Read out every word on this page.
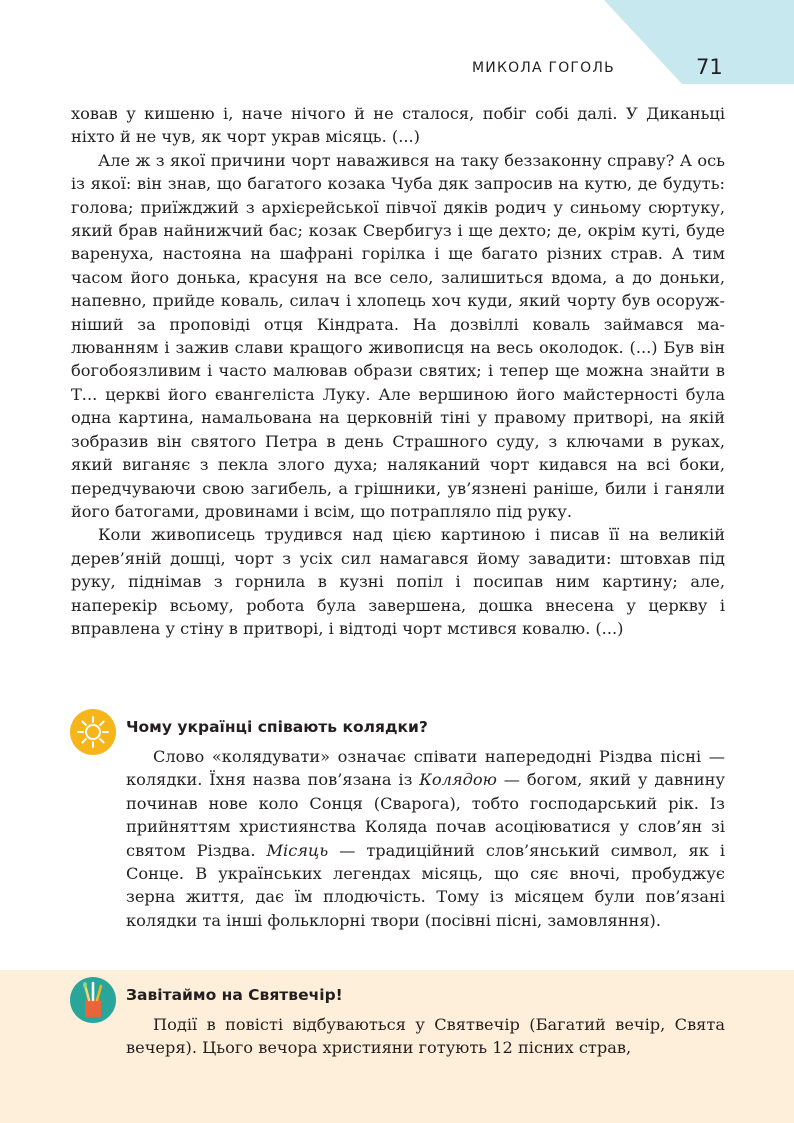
МИКОЛА ГОГОЛЬ	71

ховав у кишеню і, наче нічого й не сталося, побіг собі далі. У Диканьці ніхто й не чув, як чорт украв місяць. (...)

Але ж з якої причини чорт наважився на таку беззаконну справу? А ось із якої: він знав, що багатого козака Чуба дяк запросив на кутю, де будуть: голова; приїжджий з архієрейської півчої дяків родич у синьому сюртуку, який брав найнижчий бас; козак Свербигуз і ще дехто; де, окрім куті, буде варенуха, настояна на шафрані горілка і ще багато різних страв. А тим часом його донька, красуня на все село, залишиться вдома, а до доньки, напевно, прийде коваль, силач і хлопець хоч куди, який чорту був осоружніший за проповіді отця Кіндрата. На дозвіллі коваль займався малюванням і зажив слави кращого живописця на весь околодок. (...) Був він богобоязливим і часто малював образи святих; і тепер ще можна знайти в Т... церкві його євангеліста Луку. Але вершиною його майстерності була одна картина, намальована на церковній тіні у правому притворі, на якій зобразив він святого Петра в день Страшного суду, з ключами в руках, який виганяє з пекла злого духа; наляканий чорт кидався на всі боки, передчуваючи свою загибель, а грішники, ув’язнені раніше, били і ганяли його батогами, дровинами і всім, що потрапляло під руку.

Коли живописець трудився над цією картиною і писав її на великій дерев’яній дошці, чорт з усіх сил намагався йому завадити: штовхав під руку, піднімав з горнила в кузні попіл і посипав ним картину; але, наперекір всьому, робота була завершена, дошка внесена у церкву і вправлена у стіну в притворі, і відтоді чорт мстився ковалю. (...)

Чому українці співають колядки?
Слово «колядувати» означає співати напередодні Різдва пісні — колядки. Їхня назва пов’язана із Колядою — богом, який у давнину починав нове коло Сонця (Сварога), тобто господарський рік. Із прийняттям християнства Коляда почав асоціюватися у слов’ян зі святом Різдва. Місяць — традиційний слов’янський символ, як і Сонце. В українських легендах місяць, що сяє вночі, пробуджує зерна життя, дає їм плодючість. Тому із місяцем були пов’язані колядки та інші фольклорні твори (посівні пісні, замовляння).
Завітаймо на Святвечір!
Події в повісті відбуваються у Святвечір (Багатий вечір, Свята вечеря). Цього вечора християни готують 12 пісних страв,
